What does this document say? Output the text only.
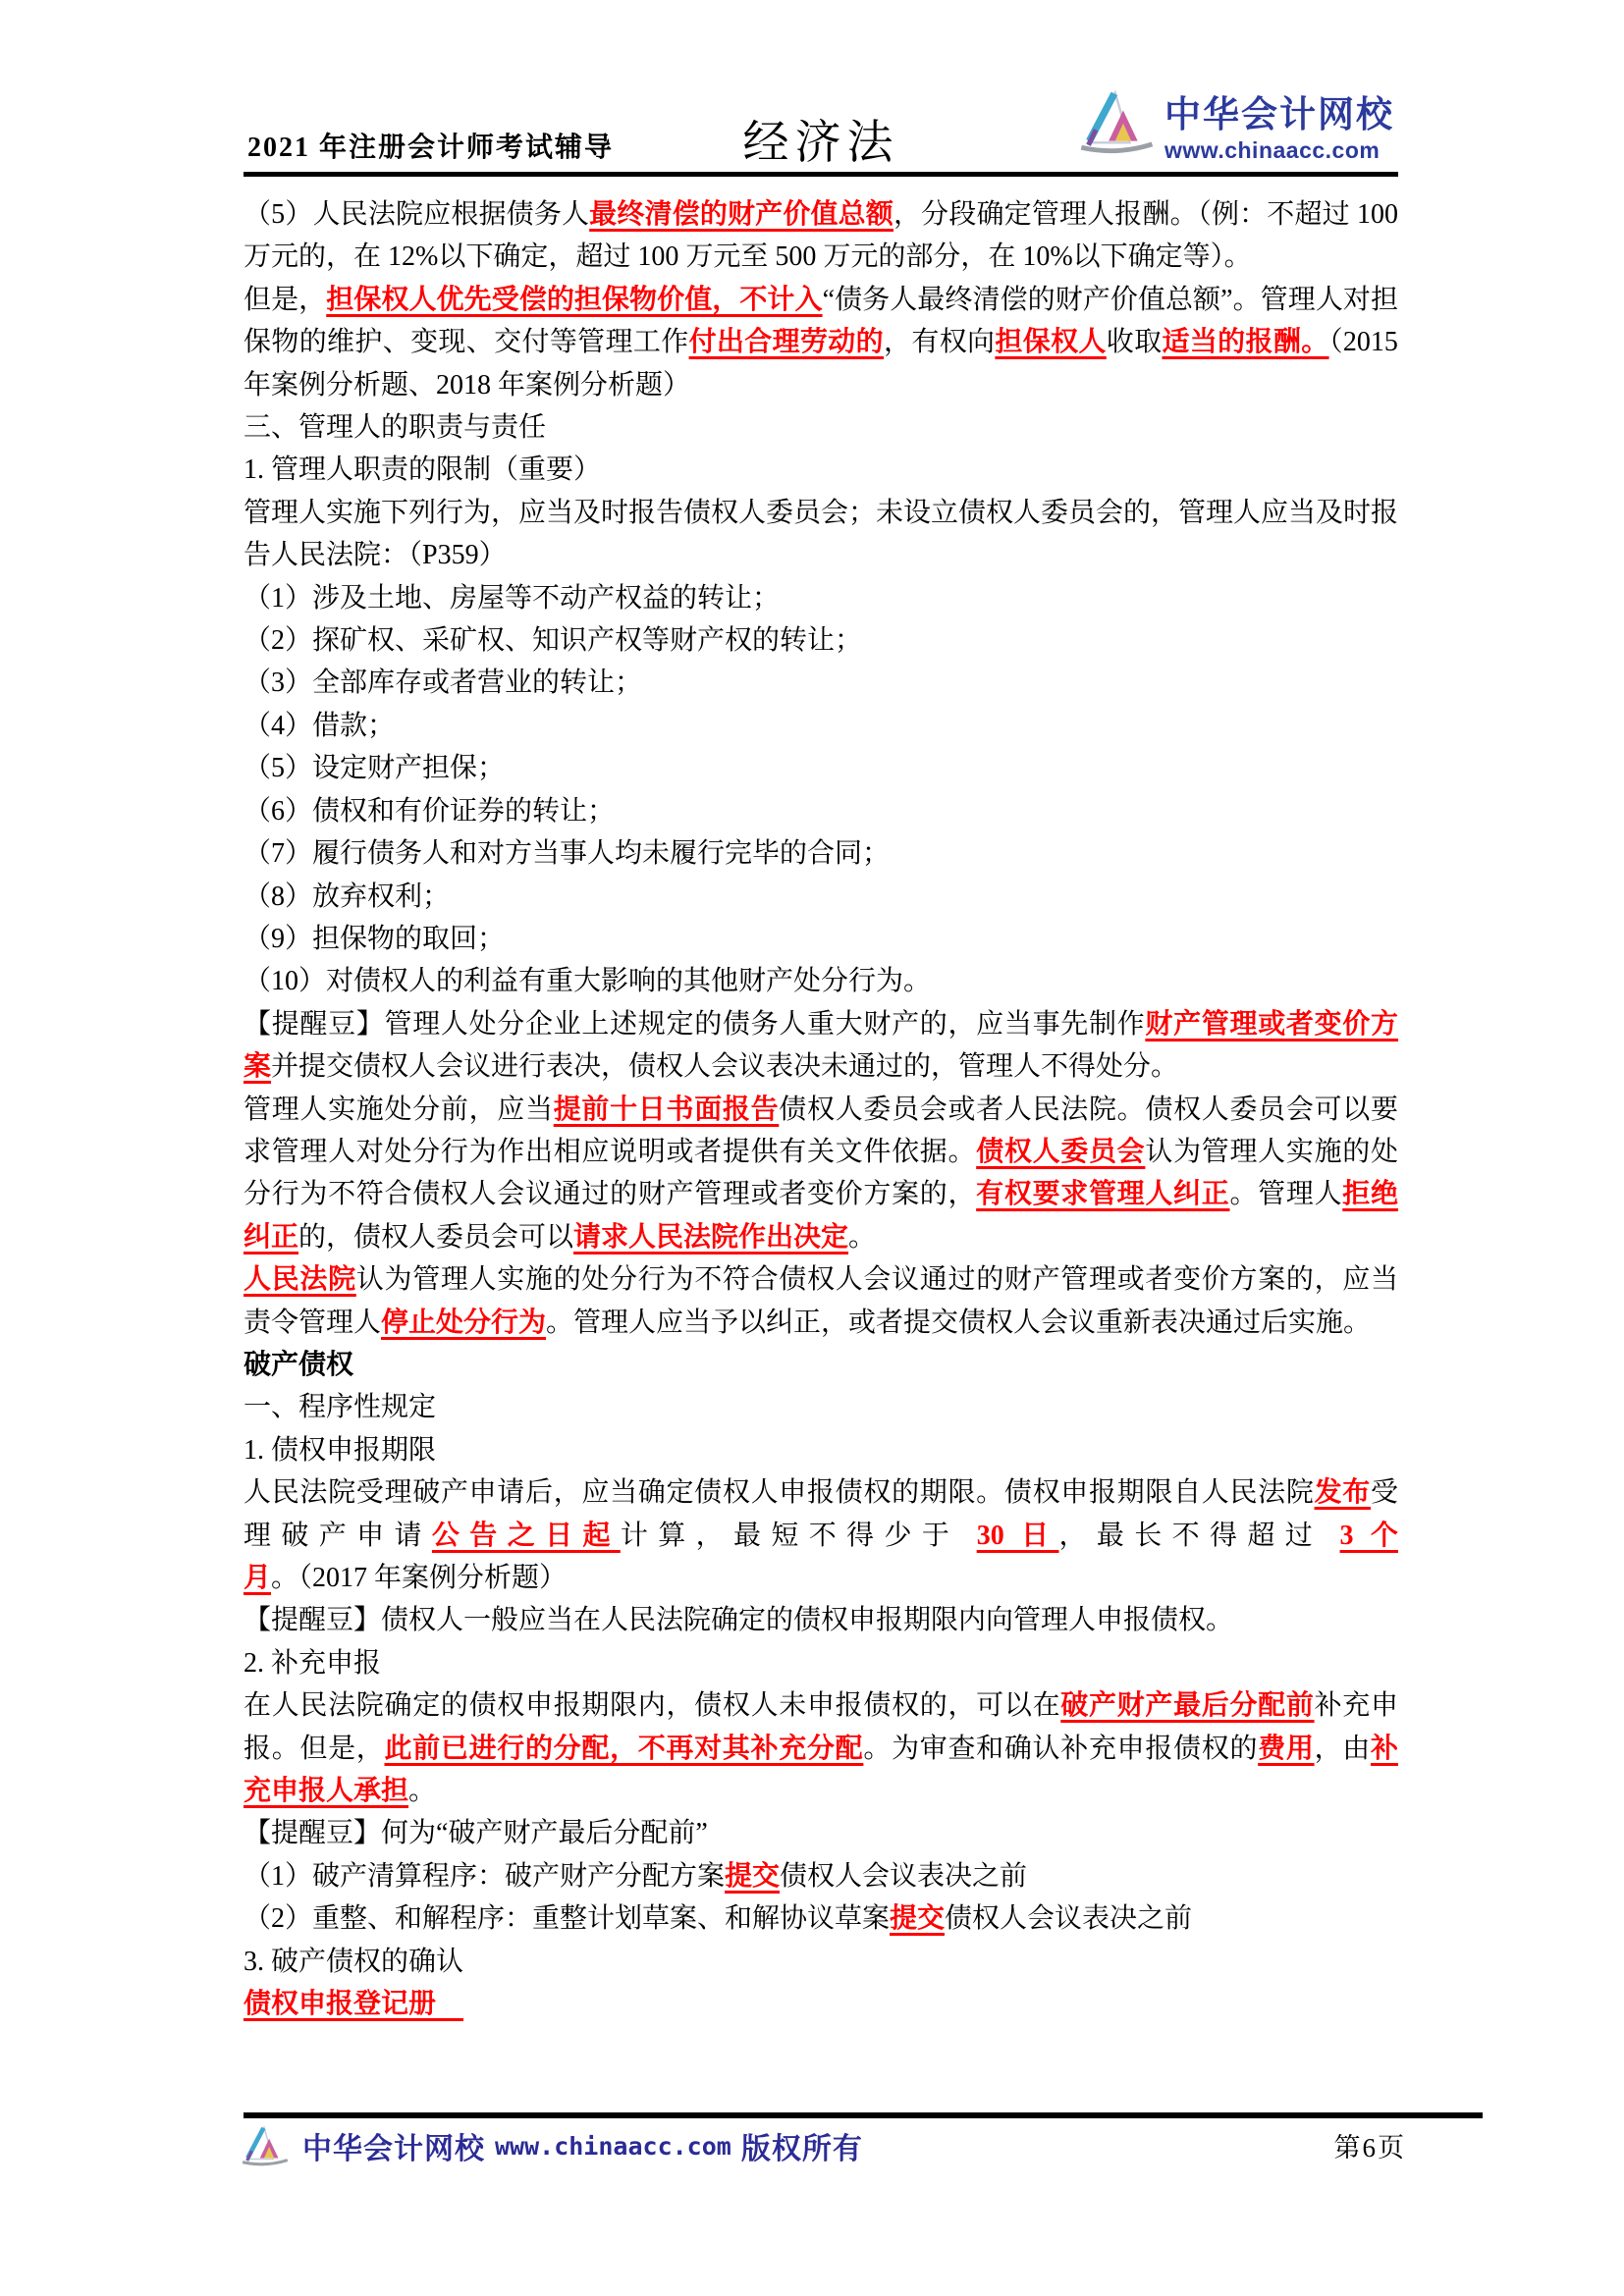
2021 年注册会计师考试辅导	经济法
中华会计网校
www.chinaacc.com

（5）人民法院应根据债务人最终清偿的财产价值总额，分段确定管理人报酬。（例：不超过 100 万元的，在 12%以下确定，超过 100 万元至 500 万元的部分，在 10%以下确定等）。

但是，担保权人优先受偿的担保物价值，不计入“债务人最终清偿的财产价值总额”。管理人对担保物的维护、变现、交付等管理工作付出合理劳动的，有权向担保权人收取适当的报酬。（2015 年案例分析题、2018 年案例分析题）

三、管理人的职责与责任

1. 管理人职责的限制（重要）

管理人实施下列行为，应当及时报告债权人委员会；未设立债权人委员会的，管理人应当及时报告人民法院：（P359）

（1）涉及土地、房屋等不动产权益的转让；

（2）探矿权、采矿权、知识产权等财产权的转让；

（3）全部库存或者营业的转让；

（4）借款；

（5）设定财产担保；

（6）债权和有价证券的转让；

（7）履行债务人和对方当事人均未履行完毕的合同；

（8）放弃权利；

（9）担保物的取回；

（10）对债权人的利益有重大影响的其他财产处分行为。

【提醒豆】管理人处分企业上述规定的债务人重大财产的，应当事先制作财产管理或者变价方案并提交债权人会议进行表决，债权人会议表决未通过的，管理人不得处分。

管理人实施处分前，应当提前十日书面报告债权人委员会或者人民法院。债权人委员会可以要求管理人对处分行为作出相应说明或者提供有关文件依据。债权人委员会认为管理人实施的处分行为不符合债权人会议通过的财产管理或者变价方案的，有权要求管理人纠正。管理人拒绝纠正的，债权人委员会可以请求人民法院作出决定。

人民法院认为管理人实施的处分行为不符合债权人会议通过的财产管理或者变价方案的，应当责令管理人停止处分行为。管理人应当予以纠正，或者提交债权人会议重新表决通过后实施。

破产债权

一、程序性规定

1. 债权申报期限

人民法院受理破产申请后，应当确定债权人申报债权的期限。债权申报期限自人民法院发布受理破产申请公告之日起计算，最短不得少于 30 日，最长不得超过 3 个月。（2017 年案例分析题）

【提醒豆】债权人一般应当在人民法院确定的债权申报期限内向管理人申报债权。

2. 补充申报

在人民法院确定的债权申报期限内，债权人未申报债权的，可以在破产财产最后分配前补充申报。但是，此前已进行的分配，不再对其补充分配。为审查和确认补充申报债权的费用，由补充申报人承担。

【提醒豆】何为“破产财产最后分配前”

（1）破产清算程序：破产财产分配方案提交债权人会议表决之前

（2）重整、和解程序：重整计划草案、和解协议草案提交债权人会议表决之前

3. 破产债权的确认

债权申报登记册　

中华会计网校 www.chinaacc.com 版权所有	第6页
